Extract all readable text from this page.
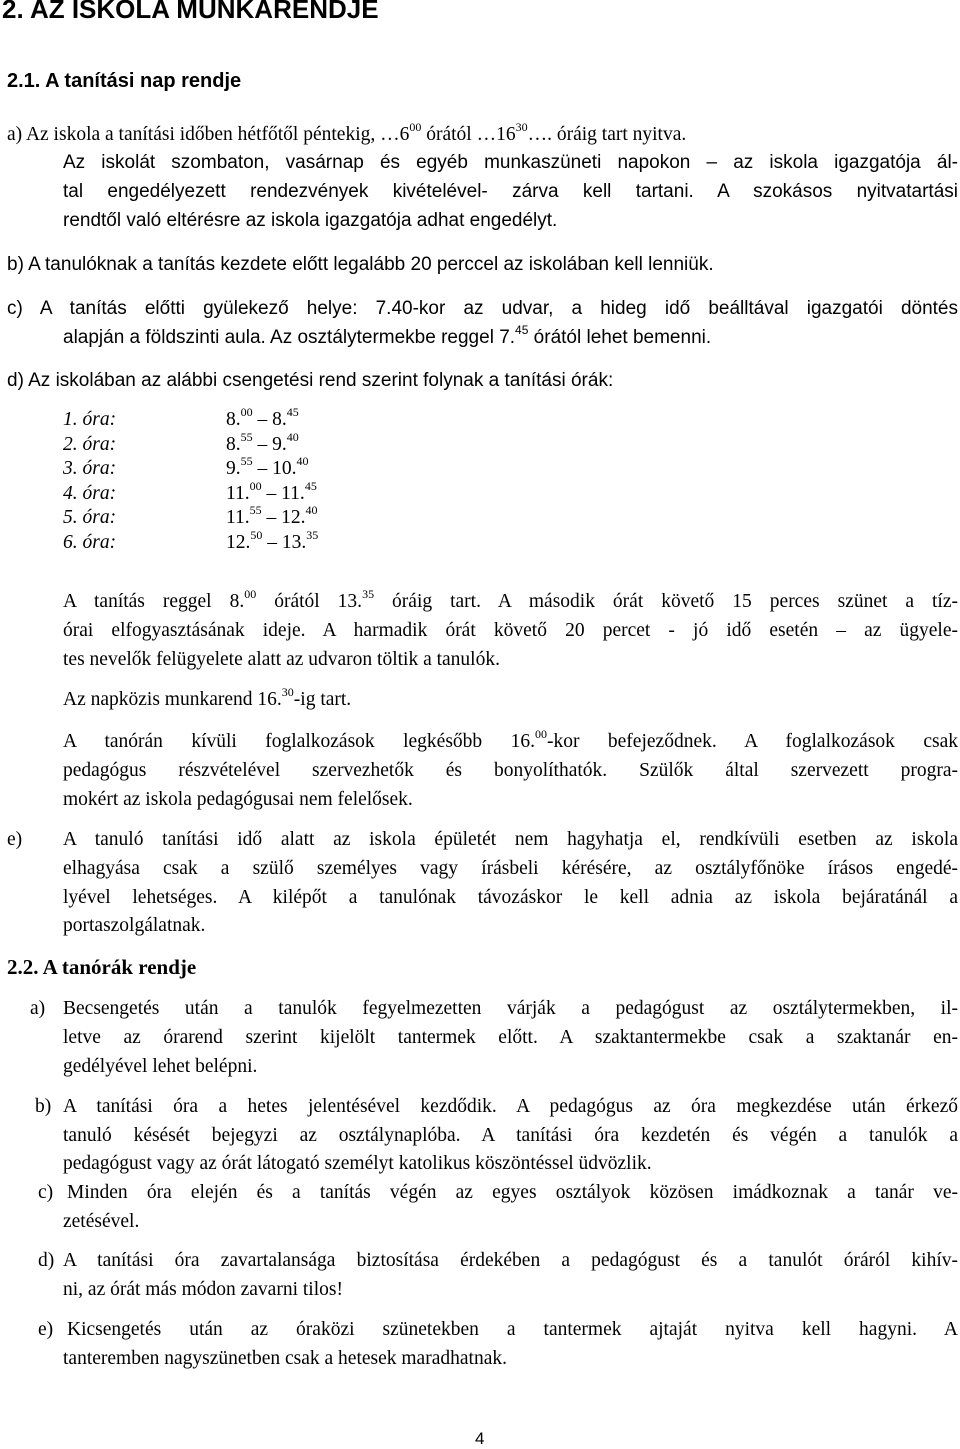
2. AZ ISKOLA MUNKARENDJE
2.1. A tanítási nap rendje
a) Az iskola a tanítási időben hétfőtől péntekig, $\dots 6^{00}$ órától $\dots 16^{30}\dots$. óráig tart nyitva.
Az iskolát szombaton, vasárnap és egyéb munkaszüneti napokon – az iskola igazgatója ál-
tal engedélyezett rendezvények kivételével- zárva kell tartani. A szokásos nyitvatartási
rendtől való eltérésre az iskola igazgatója adhat engedélyt.
b) A tanulóknak a tanítás kezdete előtt legalább 20 perccel az iskolában kell lenniük.
c) A tanítás előtti gyülekező helye: 7.40-kor az udvar, a hideg idő beálltával igazgatói döntés
alapján a földszinti aula. Az osztálytermekbe reggel 7.45 órától lehet bemenni.
d) Az iskolában az alábbi csengetési rend szerint folynak a tanítási órák:
1. óra:	8.00 – 8.45
2. óra:	8.55 – 9.40
3. óra:	9.55 – 10.40
4. óra:	11.00 – 11.45
5. óra:	11.55 – 12.40
6. óra:	12.50 – 13.35
A tanítás reggel 8.00 órától 13.35 óráig tart. A második órát követő 15 perces szünet a tíz-
órai elfogyasztásának ideje. A harmadik órát követő 20 percet - jó idő esetén – az ügyele-
tes nevelők felügyelete alatt az udvaron töltik a tanulók.
Az napközis munkarend 16.30-ig tart.
A tanórán kívüli foglalkozások legkésőbb 16.00-kor befejeződnek. A foglalkozások csak
pedagógus részvételével szervezhetők és bonyolíthatók. Szülők által szervezett progra-
mokért az iskola pedagógusai nem felelősek.
e) A tanuló tanítási idő alatt az iskola épületét nem hagyhatja el, rendkívüli esetben az iskola
elhagyása csak a szülő személyes vagy írásbeli kérésére, az osztályfőnöke írásos engedé-
lyével lehetséges. A kilépőt a tanulónak távozáskor le kell adnia az iskola bejáratánál a
portaszolgálatnak.
2.2. A tanórák rendje
a) Becsengetés után a tanulók fegyelmezetten várják a pedagógust az osztálytermekben, il-
letve az órarend szerint kijelölt tantermek előtt. A szaktantermekbe csak a szaktanár en-
gedélyével lehet belépni.
b) A tanítási óra a hetes jelentésével kezdődik. A pedagógus az óra megkezdése után érkező
tanuló késését bejegyzi az osztálynaplóba. A tanítási óra kezdetén és végén a tanulók a
pedagógust vagy az órát látogató személyt katolikus köszöntéssel üdvözlik.
c) Minden óra elején és a tanítás végén az egyes osztályok közösen imádkoznak a tanár ve-
zetésével.
d) A tanítási óra zavartalansága biztosítása érdekében a pedagógust és a tanulót óráról kihív-
ni, az órát más módon zavarni tilos!
e) Kicsengetés után az óraközi szünetekben a tantermek ajtaját nyitva kell hagyni. A
tanteremben nagyszünetben csak a hetesek maradhatnak.
4
